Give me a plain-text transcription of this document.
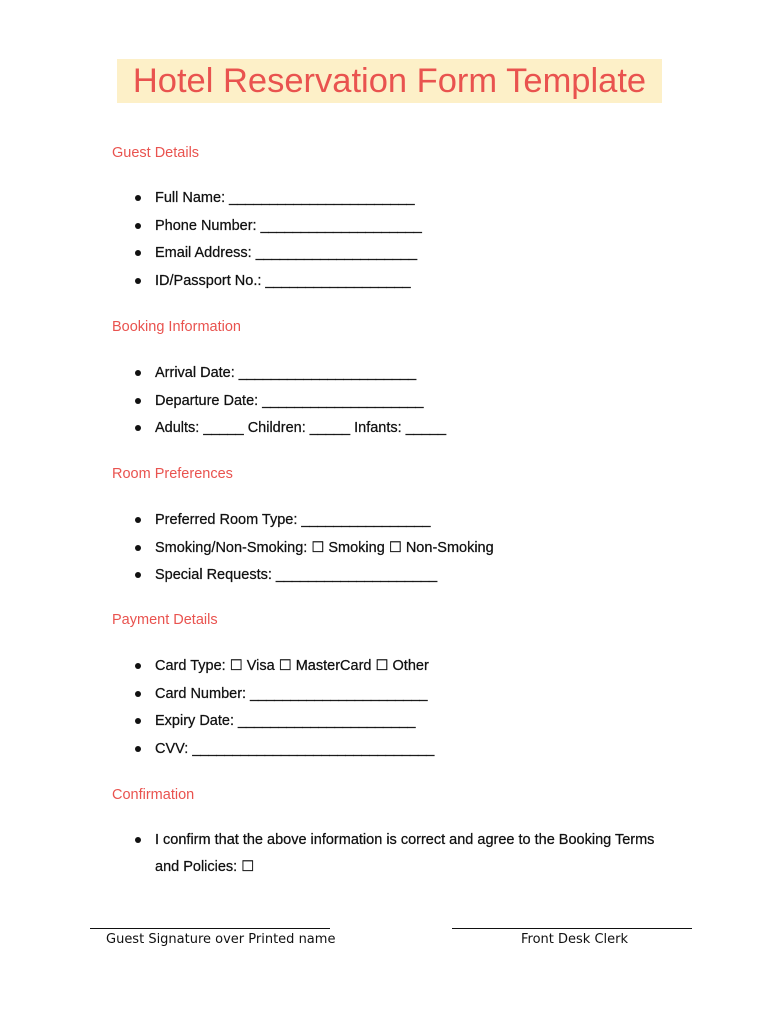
Hotel Reservation Form Template
Guest Details
Full Name: _______________________
Phone Number: ____________________
Email Address: ____________________
ID/Passport No.: __________________
Booking Information
Arrival Date: ______________________
Departure Date: ____________________
Adults: _____ Children: _____ Infants: _____
Room Preferences
Preferred Room Type: ________________
Smoking/Non-Smoking: ☐ Smoking ☐ Non-Smoking
Special Requests: ____________________
Payment Details
Card Type: ☐ Visa ☐ MasterCard ☐ Other
Card Number: ______________________
Expiry Date: ______________________
CVV: ______________________________
Confirmation
I confirm that the above information is correct and agree to the Booking Terms and Policies: ☐
Guest Signature over Printed name	Front Desk Clerk
